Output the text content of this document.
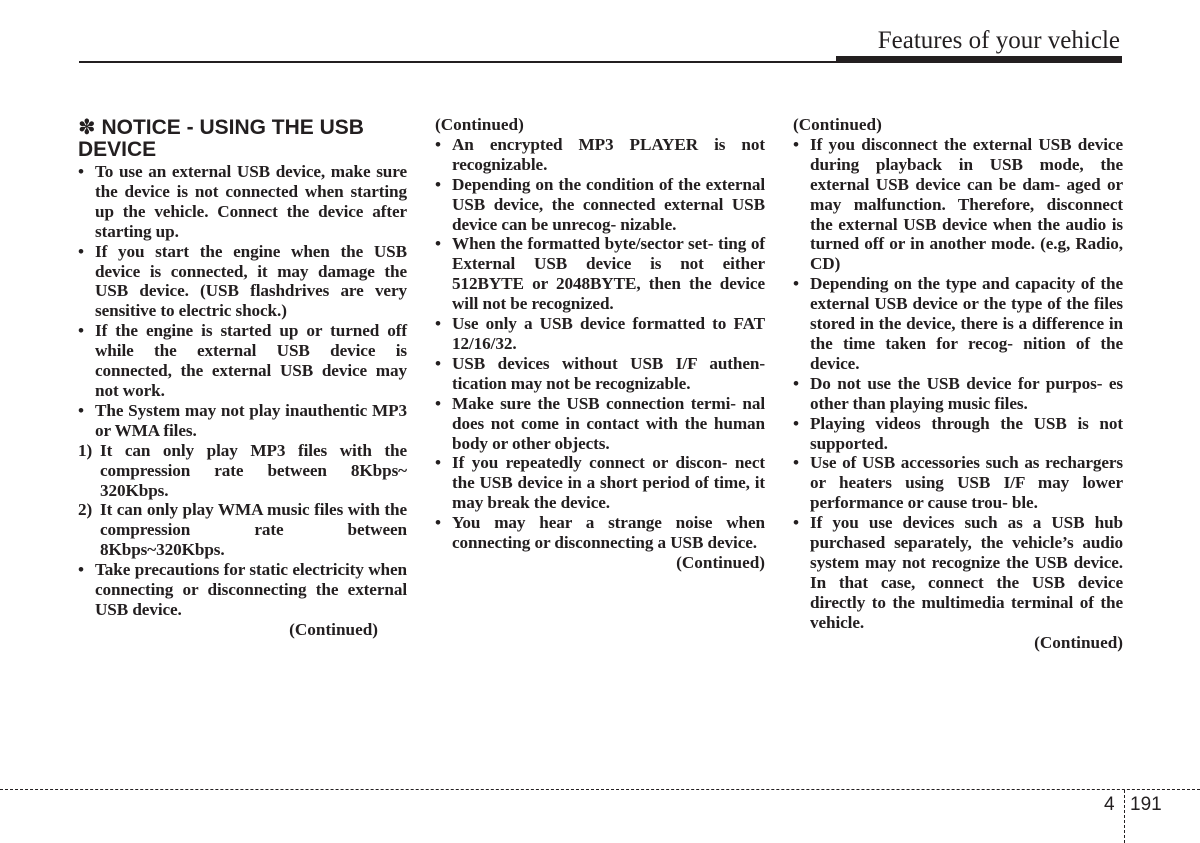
Features of your vehicle
✽ NOTICE - USING THE USB DEVICE

• To use an external USB device, make sure the device is not connected when starting up the vehicle. Connect the device after starting up.

• If you start the engine when the USB device is connected, it may damage the USB device. (USB flashdrives are very sensitive to electric shock.)

• If the engine is started up or turned off while the external USB device is connected, the external USB device may not work.

• The System may not play inauthentic MP3 or WMA files.

1) It can only play MP3 files with the compression rate between 8Kbps~ 320Kbps.

2) It can only play WMA music files with the compression rate between 8Kbps~320Kbps.

• Take precautions for static electricity when connecting or disconnecting the external USB device.

(Continued)

(Continued)

• An encrypted MP3 PLAYER is not recognizable.

• Depending on the condition of the external USB device, the connected external USB device can be unrecog- nizable.

• When the formatted byte/sector set- ting of External USB device is not either 512BYTE or 2048BYTE, then the device will not be recognized.

• Use only a USB device formatted to FAT 12/16/32.

• USB devices without USB I/F authen- tication may not be recognizable.

• Make sure the USB connection termi- nal does not come in contact with the human body or other objects.

• If you repeatedly connect or discon- nect the USB device in a short period of time, it may break the device.

• You may hear a strange noise when connecting or disconnecting a USB device.

(Continued)

(Continued)

• If you disconnect the external USB device during playback in USB mode, the external USB device can be dam- aged or may malfunction. Therefore, disconnect the external USB device when the audio is turned off or in another mode. (e.g, Radio, CD)

• Depending on the type and capacity of the external USB device or the type of the files stored in the device, there is a difference in the time taken for recog- nition of the device.

• Do not use the USB device for purpos- es other than playing music files.

• Playing videos through the USB is not supported.

• Use of USB accessories such as rechargers or heaters using USB I/F may lower performance or cause trou- ble.

• If you use devices such as a USB hub purchased separately, the vehicle’s audio system may not recognize the USB device. In that case, connect the USB device directly to the multimedia terminal of the vehicle.

(Continued)

4 191
